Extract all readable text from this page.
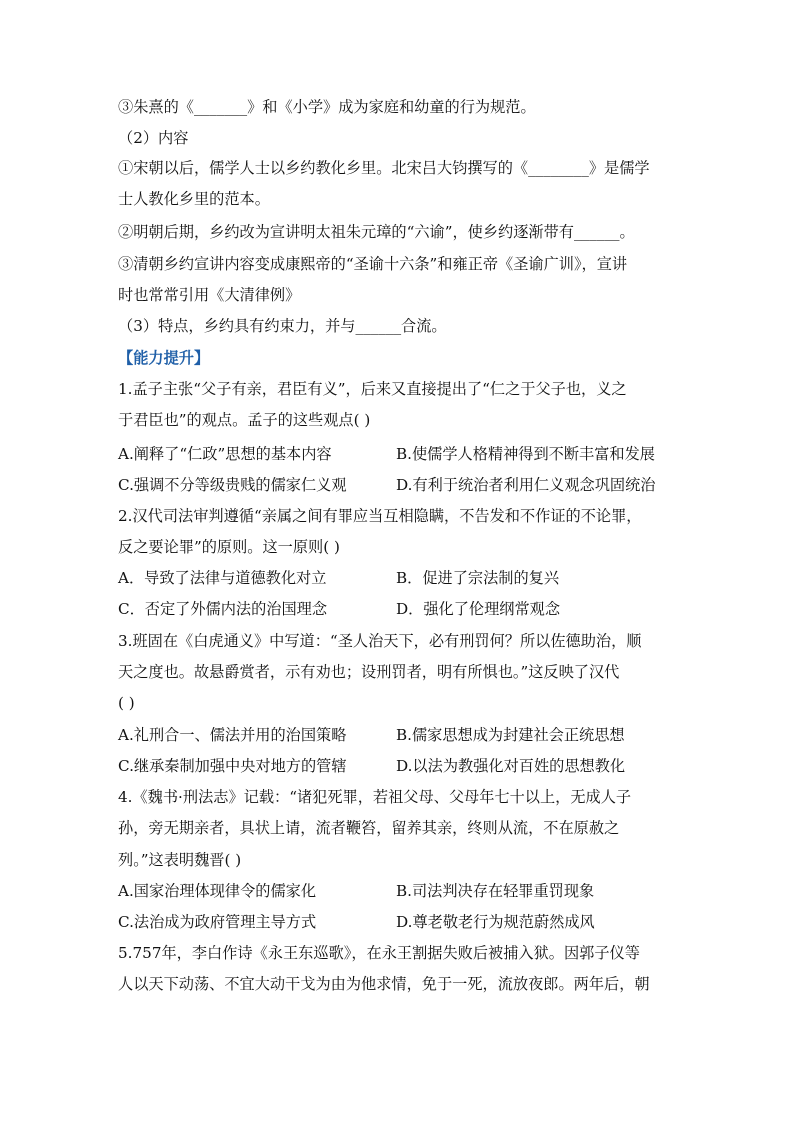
③朱熹的《_______》和《小学》成为家庭和幼童的行为规范。
（2）内容
①宋朝以后，儒学人士以乡约教化乡里。北宋吕大钧撰写的《________》是儒学
士人教化乡里的范本。
②明朝后期，乡约改为宣讲明太祖朱元璋的“六谕”，使乡约逐渐带有______。
③清朝乡约宣讲内容变成康熙帝的“圣谕十六条”和雍正帝《圣谕广训》，宣讲
时也常常引用《大清律例》
（3）特点，乡约具有约束力，并与______合流。
【能力提升】
1.孟子主张“父子有亲，君臣有义”，后来又直接提出了“仁之于父子也，义之
于君臣也”的观点。孟子的这些观点( )
A.阐释了“仁政”思想的基本内容	B.使儒学人格精神得到不断丰富和发展
C.强调不分等级贵贱的儒家仁义观	D.有利于统治者利用仁义观念巩固统治
2.汉代司法审判遵循“亲属之间有罪应当互相隐瞒，不告发和不作证的不论罪，
反之要论罪”的原则。这一原则( )
A．导致了法律与道德教化对立	B．促进了宗法制的复兴
C．否定了外儒内法的治国理念	D．强化了伦理纲常观念
3.班固在《白虎通义》中写道：“圣人治天下，必有刑罚何？所以佐德助治，顺
天之度也。故悬爵赏者，示有劝也；设刑罚者，明有所惧也。”这反映了汉代
( )
A.礼刑合一、儒法并用的治国策略	B.儒家思想成为封建社会正统思想
C.继承秦制加强中央对地方的管辖	D.以法为教强化对百姓的思想教化
4.《魏书·刑法志》记载：“诸犯死罪，若祖父母、父母年七十以上，无成人子
孙，旁无期亲者，具状上请，流者鞭笞，留养其亲，终则从流，不在原赦之
列。”这表明魏晋( )
A.国家治理体现律令的儒家化	B.司法判决存在轻罪重罚现象
C.法治成为政府管理主导方式	D.尊老敬老行为规范蔚然成风
5.757年，李白作诗《永王东巡歌》，在永王割据失败后被捕入狱。因郭子仪等
人以天下动荡、不宜大动干戈为由为他求情，免于一死，流放夜郎。两年后，朝
